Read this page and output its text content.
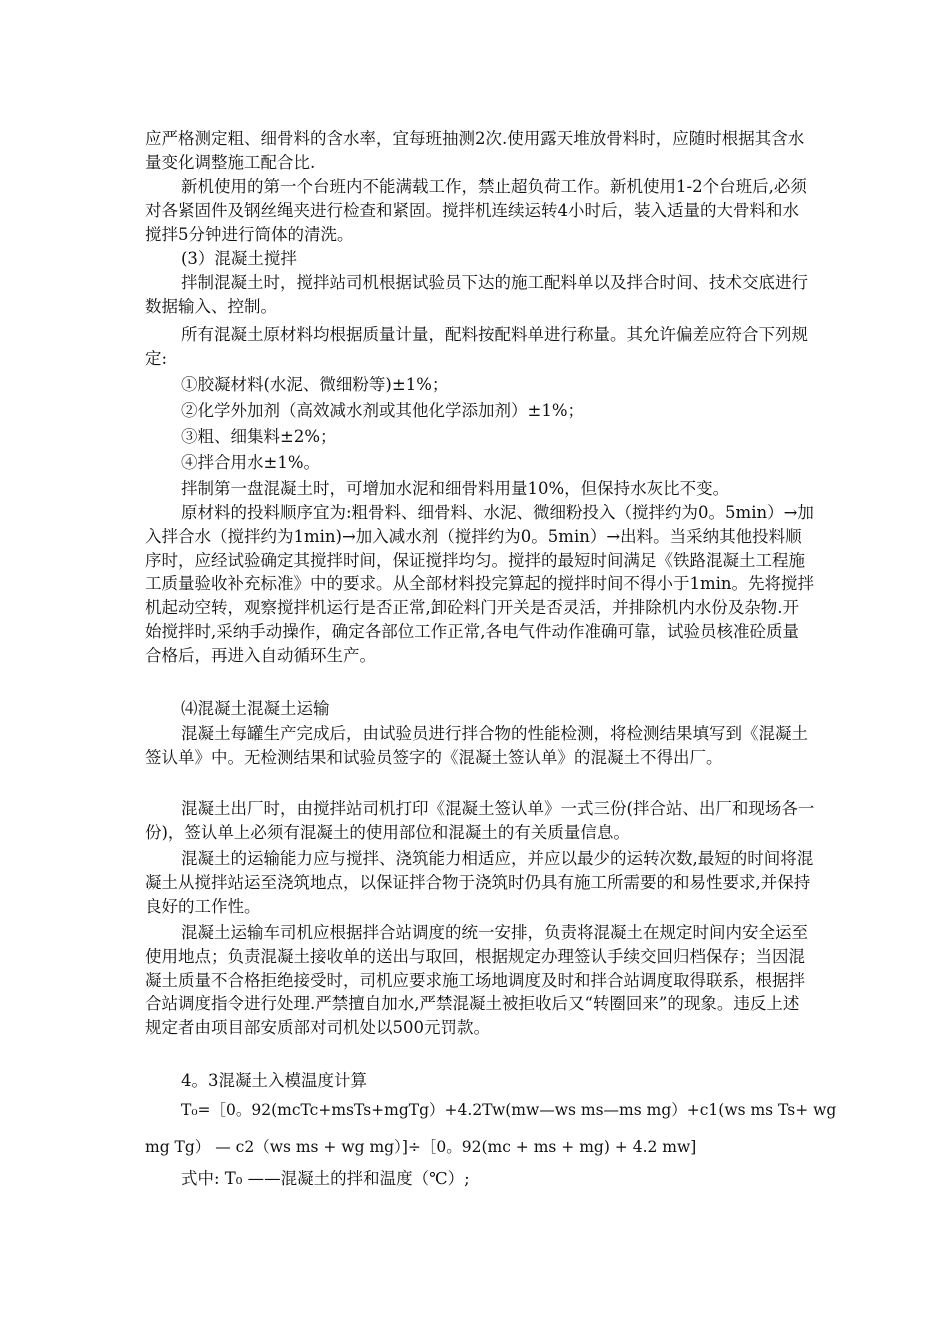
应严格测定粗、细骨料的含水率，宜每班抽测2次.使用露天堆放骨料时，应随时根据其含水量变化调整施工配合比.

新机使用的第一个台班内不能满载工作，禁止超负荷工作。新机使用1-2个台班后,必须对各紧固件及钢丝绳夹进行检查和紧固。搅拌机连续运转4小时后，装入适量的大骨料和水搅拌5分钟进行筒体的清洗。

(3）混凝土搅拌

拌制混凝土时，搅拌站司机根据试验员下达的施工配料单以及拌合时间、技术交底进行数据输入、控制。

所有混凝土原材料均根据质量计量，配料按配料单进行称量。其允许偏差应符合下列规定:

①胶凝材料(水泥、微细粉等)±1%；

②化学外加剂（高效减水剂或其他化学添加剂）±1%；

③粗、细集料±2%；

④拌合用水±1%。

拌制第一盘混凝土时，可增加水泥和细骨料用量10%，但保持水灰比不变。

原材料的投料顺序宜为:粗骨料、细骨料、水泥、微细粉投入（搅拌约为0。5min）→加入拌合水（搅拌约为1min)→加入减水剂（搅拌约为0。5min）→出料。当采纳其他投料顺序时，应经试验确定其搅拌时间，保证搅拌均匀。搅拌的最短时间满足《铁路混凝土工程施工质量验收补充标准》中的要求。从全部材料投完算起的搅拌时间不得小于1min。先将搅拌机起动空转，观察搅拌机运行是否正常,卸砼料门开关是否灵活，并排除机内水份及杂物.开始搅拌时,采纳手动操作，确定各部位工作正常,各电气件动作准确可靠，试验员核准砼质量合格后，再进入自动循环生产。

⑷混凝土混凝土运输

混凝土每罐生产完成后，由试验员进行拌合物的性能检测，将检测结果填写到《混凝土签认单》中。无检测结果和试验员签字的《混凝土签认单》的混凝土不得出厂。

混凝土出厂时，由搅拌站司机打印《混凝土签认单》一式三份(拌合站、出厂和现场各一份)，签认单上必须有混凝土的使用部位和混凝土的有关质量信息。

混凝土的运输能力应与搅拌、浇筑能力相适应，并应以最少的运转次数,最短的时间将混凝土从搅拌站运至浇筑地点，以保证拌合物于浇筑时仍具有施工所需要的和易性要求,并保持良好的工作性。

混凝土运输车司机应根据拌合站调度的统一安排，负责将混凝土在规定时间内安全运至使用地点；负责混凝土接收单的送出与取回，根据规定办理签认手续交回归档保存；当因混凝土质量不合格拒绝接受时，司机应要求施工场地调度及时和拌合站调度取得联系，根据拌合站调度指令进行处理.严禁擅自加水,严禁混凝土被拒收后又“转圈回来”的现象。违反上述规定者由项目部安质部对司机处以500元罚款。

4。3混凝土入模温度计算

T₀=［0。92(mcTc+msTs+mgTg）+4.2Tw(mw—ws ms—ms mg）+c1(ws ms Ts+ wg

mg Tg） — c2（ws ms + wg mg）]÷［0。92(mc + ms + mg) + 4.2 mw]

式中: T₀ ——混凝土的拌和温度（℃）;
